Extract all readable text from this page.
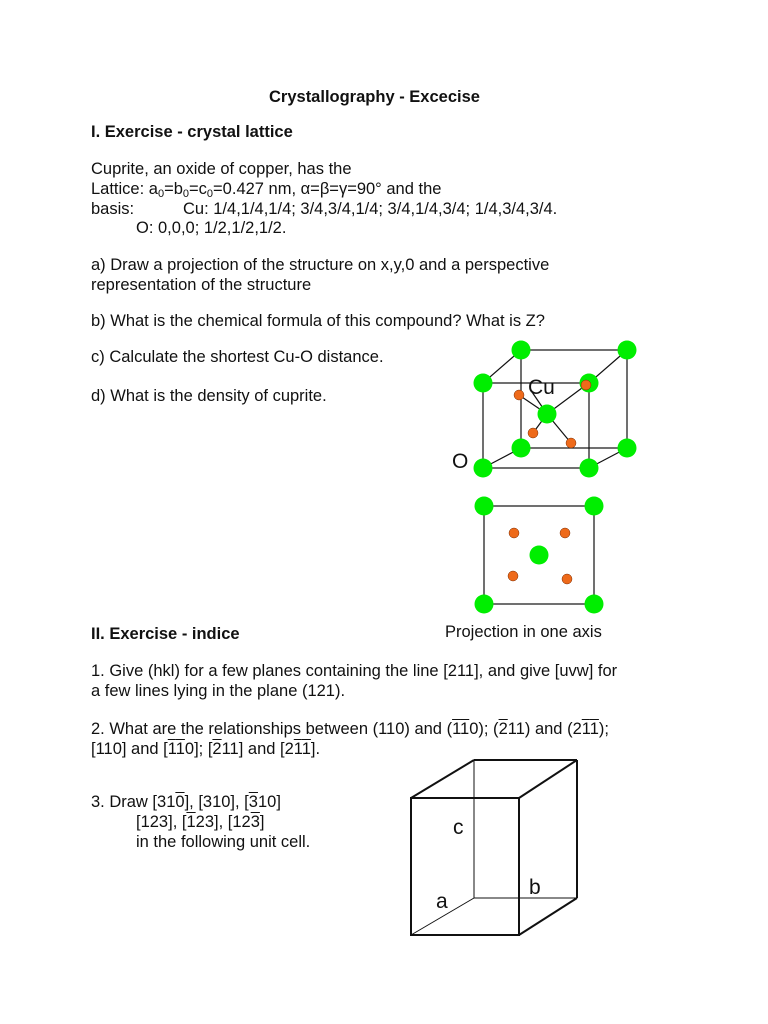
Crystallography - Excecise
I. Exercise - crystal lattice
Cuprite, an oxide of copper, has the
Lattice: $a_0=b_0=c_0=0.427$ nm, α=β=γ=90° and the
basis:	Cu: 1/4,1/4,1/4; 3/4,3/4,1/4; 3/4,1/4,3/4; 1/4,3/4,3/4.
O: 0,0,0; 1/2,1/2,1/2.
a) Draw a projection of the structure on x,y,0 and a perspective
representation of the structure
b) What is the chemical formula of this compound? What is Z?
c) Calculate the shortest Cu-O distance.
d) What is the density of cuprite.	Cu
O
Projection in one axis
II. Exercise - indice
1. Give (hkl) for a few planes containing the line [211], and give [uvw] for
a few lines lying in the plane (121).
2. What are the relationships between (110) and (110); (211) and (211);
[110] and [110]; [211] and [211].
3. Draw [310], [310], [310]
[123], [123], [123]
in the following unit cell.
c
b
a
